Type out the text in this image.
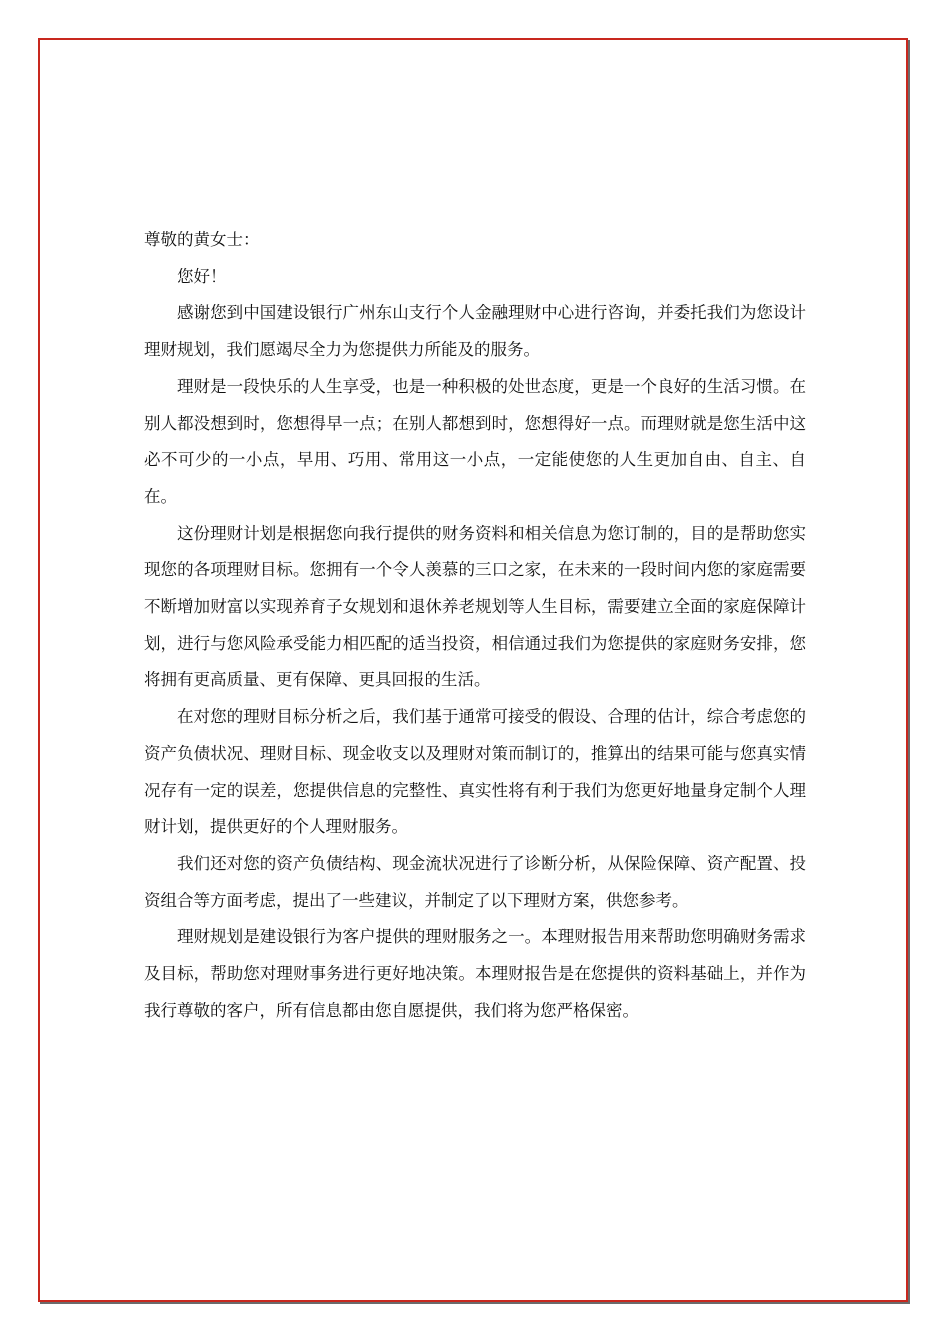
尊敬的黄女士：

您好！

感谢您到中国建设银行广州东山支行个人金融理财中心进行咨询，并委托我们为您设计理财规划，我们愿竭尽全力为您提供力所能及的服务。

理财是一段快乐的人生享受，也是一种积极的处世态度，更是一个良好的生活习惯。在别人都没想到时，您想得早一点；在别人都想到时，您想得好一点。而理财就是您生活中这必不可少的一小点，早用、巧用、常用这一小点，一定能使您的人生更加自由、自主、自在。

这份理财计划是根据您向我行提供的财务资料和相关信息为您订制的，目的是帮助您实现您的各项理财目标。您拥有一个令人羡慕的三口之家，在未来的一段时间内您的家庭需要不断增加财富以实现养育子女规划和退休养老规划等人生目标，需要建立全面的家庭保障计划，进行与您风险承受能力相匹配的适当投资，相信通过我们为您提供的家庭财务安排，您将拥有更高质量、更有保障、更具回报的生活。

在对您的理财目标分析之后，我们基于通常可接受的假设、合理的估计，综合考虑您的资产负债状况、理财目标、现金收支以及理财对策而制订的，推算出的结果可能与您真实情况存有一定的误差，您提供信息的完整性、真实性将有利于我们为您更好地量身定制个人理财计划，提供更好的个人理财服务。

我们还对您的资产负债结构、现金流状况进行了诊断分析，从保险保障、资产配置、投资组合等方面考虑，提出了一些建议，并制定了以下理财方案，供您参考。

理财规划是建设银行为客户提供的理财服务之一。本理财报告用来帮助您明确财务需求及目标，帮助您对理财事务进行更好地决策。本理财报告是在您提供的资料基础上，并作为我行尊敬的客户，所有信息都由您自愿提供，我们将为您严格保密。
